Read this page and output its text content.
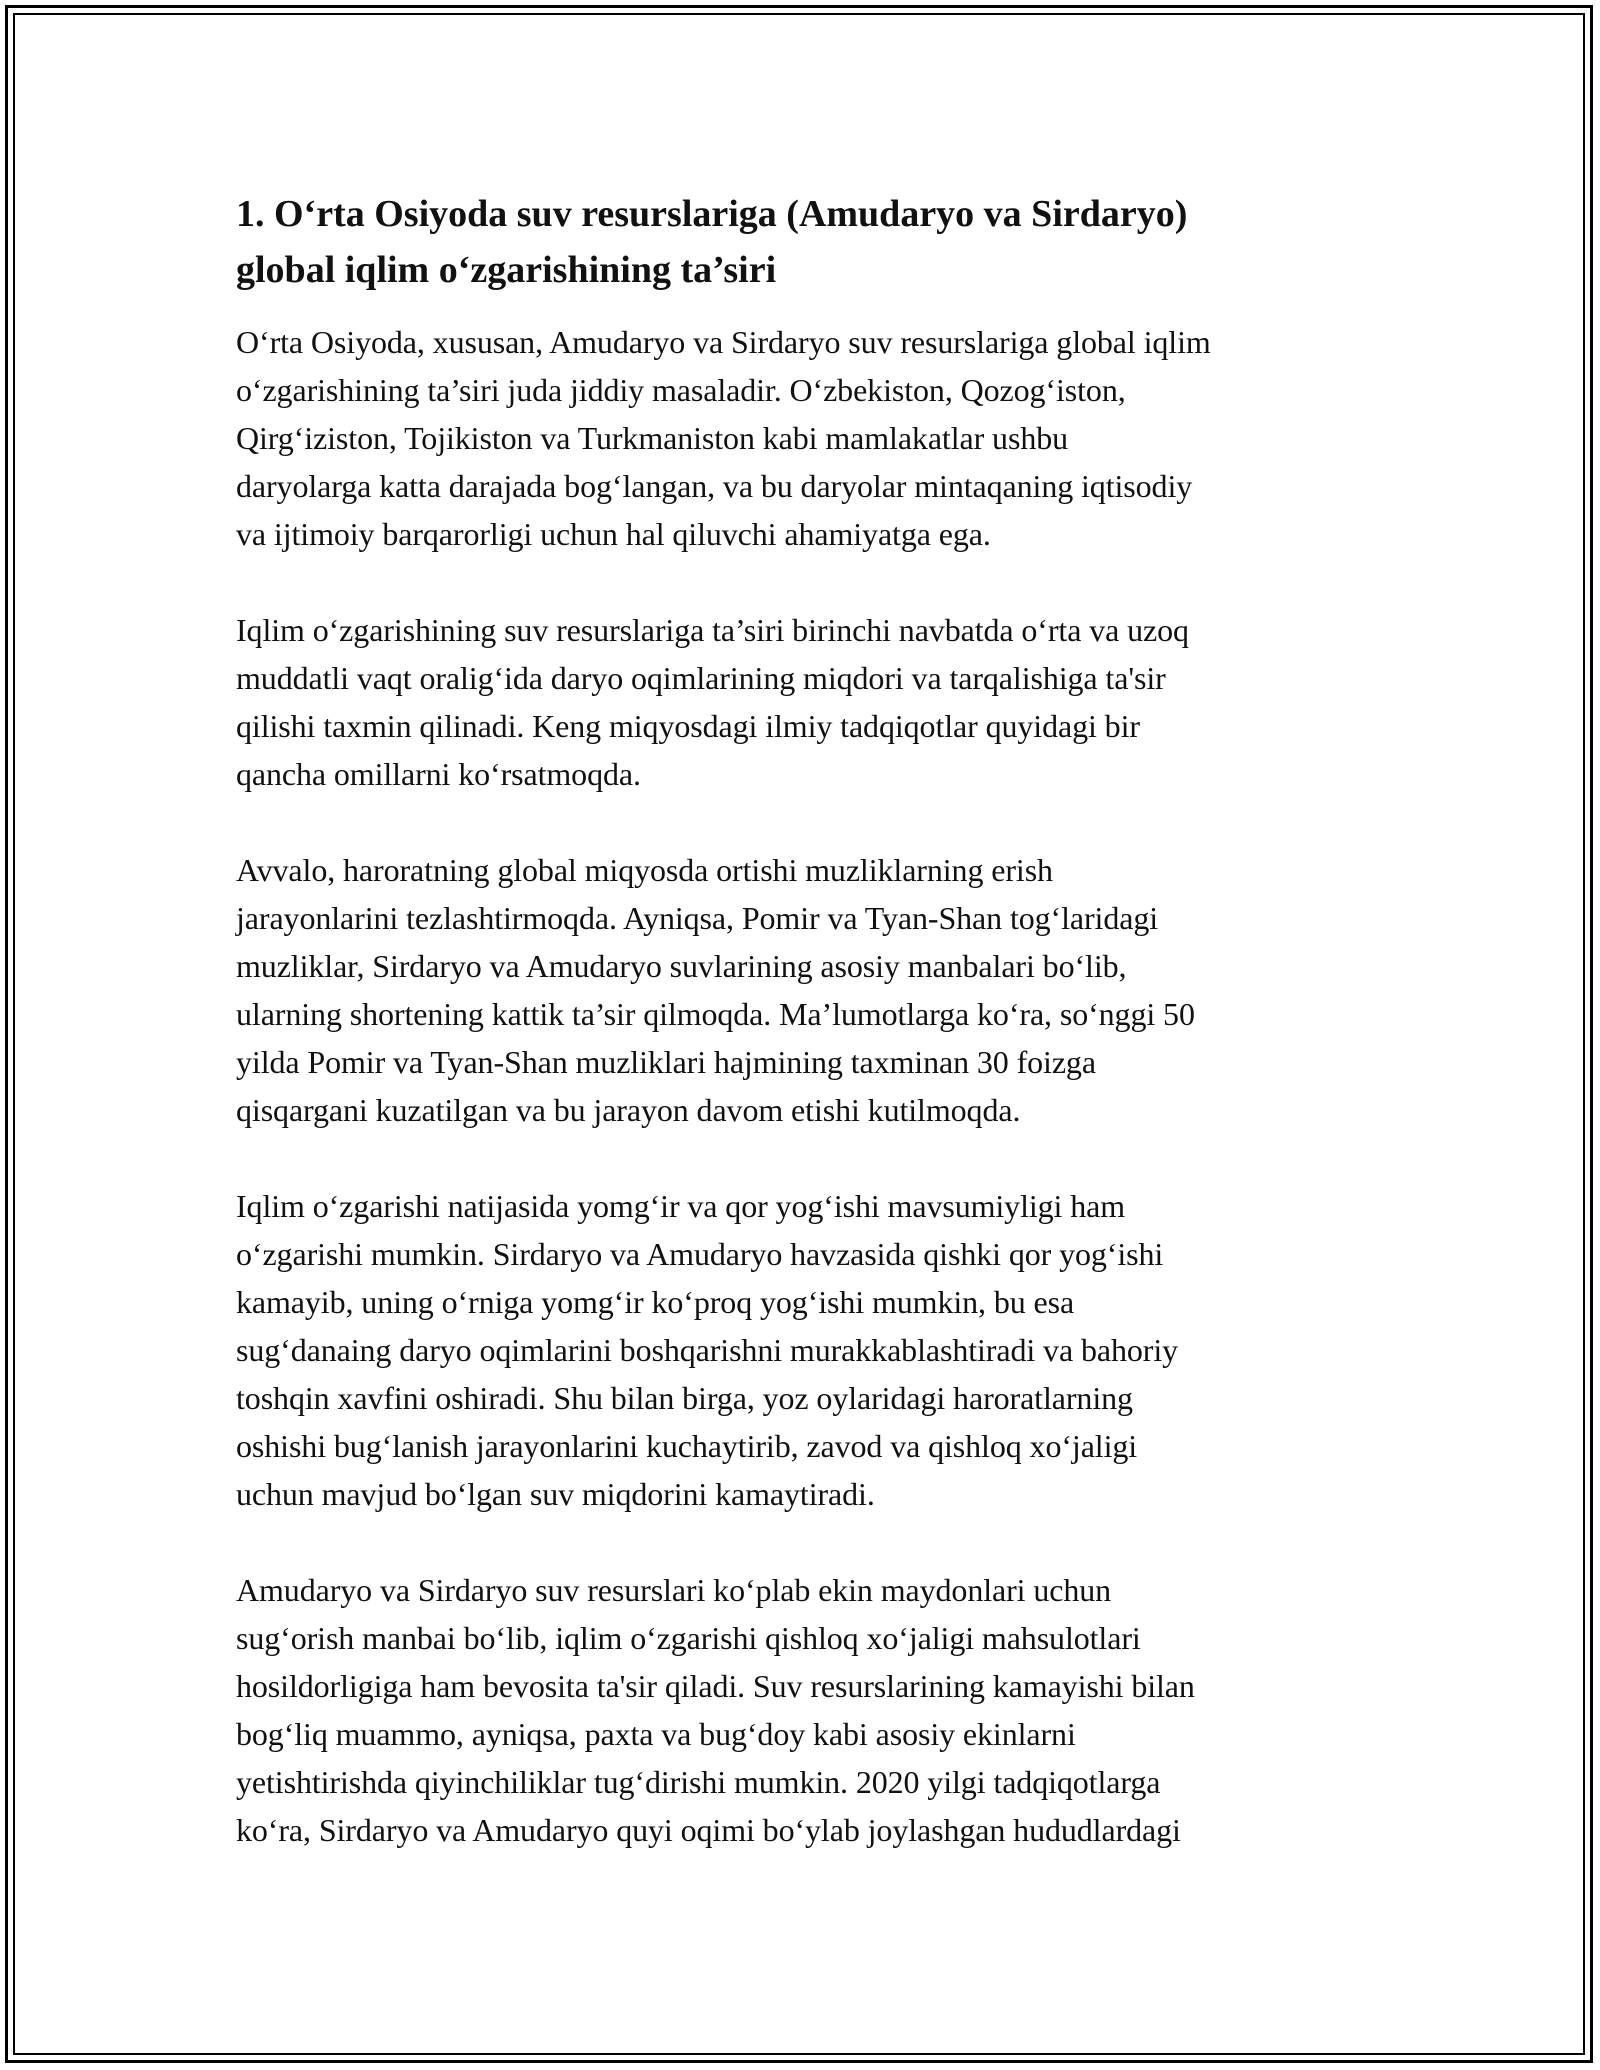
1. O‘rta Osiyoda suv resurslariga (Amudaryo va Sirdaryo)
global iqlim o‘zgarishining ta’siri

O‘rta Osiyoda, xususan, Amudaryo va Sirdaryo suv resurslariga global iqlim
o‘zgarishining ta’siri juda jiddiy masaladir. O‘zbekiston, Qozog‘iston,
Qirg‘iziston, Tojikiston va Turkmaniston kabi mamlakatlar ushbu
daryolarga katta darajada bog‘langan, va bu daryolar mintaqaning iqtisodiy
va ijtimoiy barqarorligi uchun hal qiluvchi ahamiyatga ega.

Iqlim o‘zgarishining suv resurslariga ta’siri birinchi navbatda o‘rta va uzoq
muddatli vaqt oralig‘ida daryo oqimlarining miqdori va tarqalishiga ta'sir
qilishi taxmin qilinadi. Keng miqyosdagi ilmiy tadqiqotlar quyidagi bir
qancha omillarni ko‘rsatmoqda.

Avvalo, haroratning global miqyosda ortishi muzliklarning erish
jarayonlarini tezlashtirmoqda. Ayniqsa, Pomir va Tyan-Shan tog‘laridagi
muzliklar, Sirdaryo va Amudaryo suvlarining asosiy manbalari bo‘lib,
ularning shortening kattik ta’sir qilmoqda. Ma’lumotlarga ko‘ra, so‘nggi 50
yilda Pomir va Tyan-Shan muzliklari hajmining taxminan 30 foizga
qisqargani kuzatilgan va bu jarayon davom etishi kutilmoqda.

Iqlim o‘zgarishi natijasida yomg‘ir va qor yog‘ishi mavsumiyligi ham
o‘zgarishi mumkin. Sirdaryo va Amudaryo havzasida qishki qor yog‘ishi
kamayib, uning o‘rniga yomg‘ir ko‘proq yog‘ishi mumkin, bu esa
sug‘danaing daryo oqimlarini boshqarishni murakkablashtiradi va bahoriy
toshqin xavfini oshiradi. Shu bilan birga, yoz oylaridagi haroratlarning
oshishi bug‘lanish jarayonlarini kuchaytirib, zavod va qishloq xo‘jaligi
uchun mavjud bo‘lgan suv miqdorini kamaytiradi.

Amudaryo va Sirdaryo suv resurslari ko‘plab ekin maydonlari uchun
sug‘orish manbai bo‘lib, iqlim o‘zgarishi qishloq xo‘jaligi mahsulotlari
hosildorligiga ham bevosita ta'sir qiladi. Suv resurslarining kamayishi bilan
bog‘liq muammo, ayniqsa, paxta va bug‘doy kabi asosiy ekinlarni
yetishtirishda qiyinchiliklar tug‘dirishi mumkin. 2020 yilgi tadqiqotlarga
ko‘ra, Sirdaryo va Amudaryo quyi oqimi bo‘ylab joylashgan hududlardagi
